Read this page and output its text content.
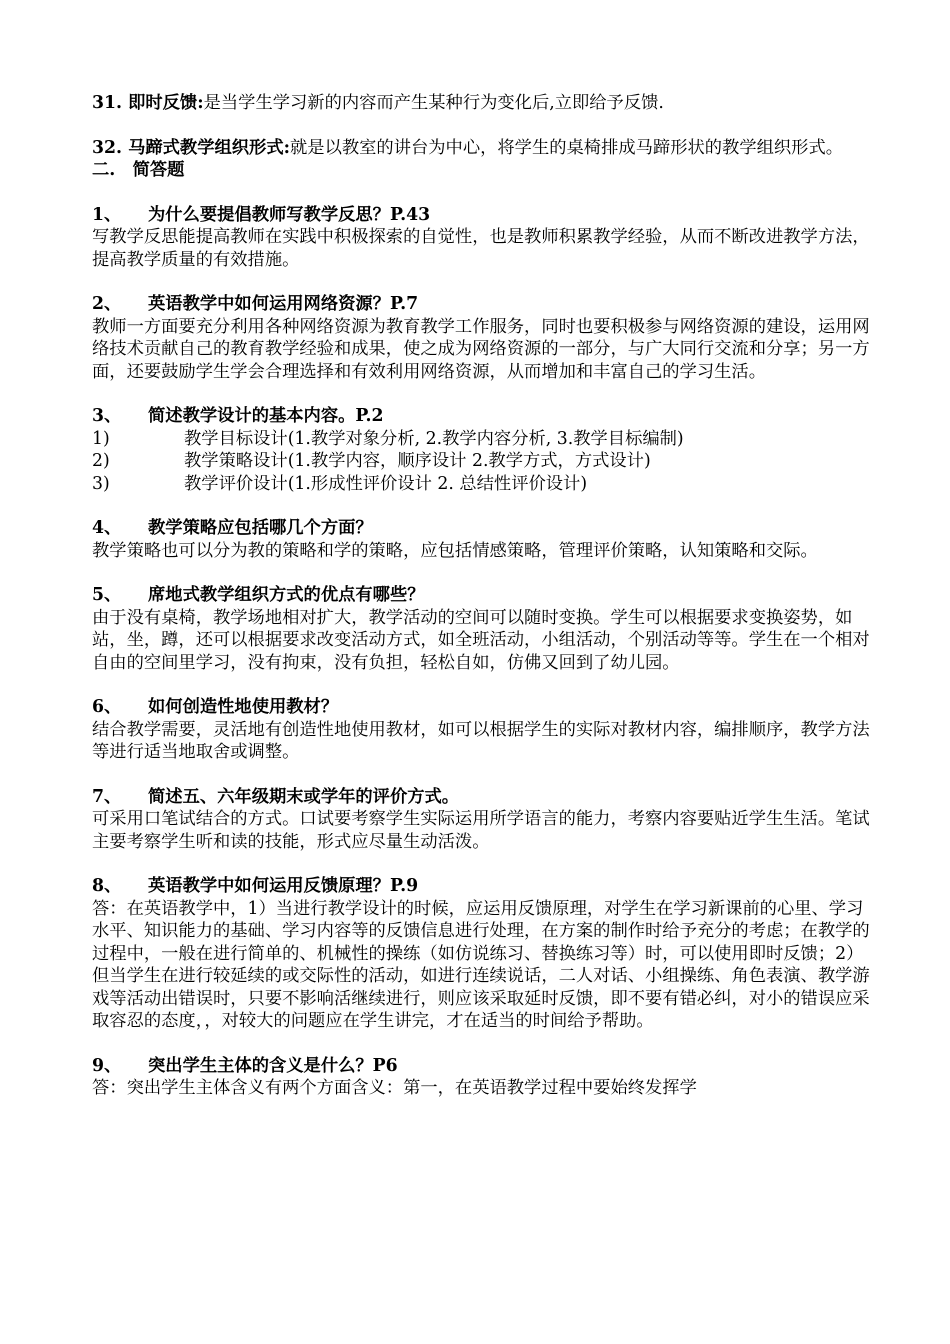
31. 即时反馈:是当学生学习新的内容而产生某种行为变化后,立即给予反馈.

32. 马蹄式教学组织形式:就是以教室的讲台为中心，将学生的桌椅排成马蹄形状的教学组织形式。

二.　简答题

1、	为什么要提倡教师写教学反思？P.43

写教学反思能提高教师在实践中积极探索的自觉性，也是教师积累教学经验，从而不断改进教学方法，提高教学质量的有效措施。

2、	英语教学中如何运用网络资源？P.7

教师一方面要充分利用各种网络资源为教育教学工作服务，同时也要积极参与网络资源的建设，运用网络技术贡献自己的教育教学经验和成果，使之成为网络资源的一部分，与广大同行交流和分享；另一方面，还要鼓励学生学会合理选择和有效利用网络资源，从而增加和丰富自己的学习生活。

3、	简述教学设计的基本内容。P.2
1)	教学目标设计(1.教学对象分析, 2.教学内容分析, 3.教学目标编制)
2)	教学策略设计(1.教学内容，顺序设计 2.教学方式，方式设计)
3)	教学评价设计(1.形成性评价设计 2. 总结性评价设计)
4、	教学策略应包括哪几个方面？

教学策略也可以分为教的策略和学的策略，应包括情感策略，管理评价策略，认知策略和交际。

5、	席地式教学组织方式的优点有哪些？

由于没有桌椅，教学场地相对扩大，教学活动的空间可以随时变换。学生可以根据要求变换姿势，如站，坐，蹲，还可以根据要求改变活动方式，如全班活动，小组活动，个别活动等等。学生在一个相对自由的空间里学习，没有拘束，没有负担，轻松自如，仿佛又回到了幼儿园。

6、	如何创造性地使用教材？

结合教学需要，灵活地有创造性地使用教材，如可以根据学生的实际对教材内容，编排顺序，教学方法等进行适当地取舍或调整。

7、	简述五、六年级期末或学年的评价方式。

可采用口笔试结合的方式。口试要考察学生实际运用所学语言的能力，考察内容要贴近学生生活。笔试主要考察学生听和读的技能，形式应尽量生动活泼。

8、	英语教学中如何运用反馈原理？P.9

答：在英语教学中，1）当进行教学设计的时候，应运用反馈原理，对学生在学习新课前的心里、学习水平、知识能力的基础、学习内容等的反馈信息进行处理，在方案的制作时给予充分的考虑；在教学的过程中，一般在进行简单的、机械性的操练（如仿说练习、替换练习等）时，可以使用即时反馈；2）但当学生在进行较延续的或交际性的活动，如进行连续说话，二人对话、小组操练、角色表演、教学游戏等活动出错误时，只要不影响活继续进行，则应该采取延时反馈，即不要有错必纠，对小的错误应采取容忍的态度，，对较大的问题应在学生讲完，才在适当的时间给予帮助。

9、	突出学生主体的含义是什么？P6

答：突出学生主体含义有两个方面含义：第一，在英语教学过程中要始终发挥学
